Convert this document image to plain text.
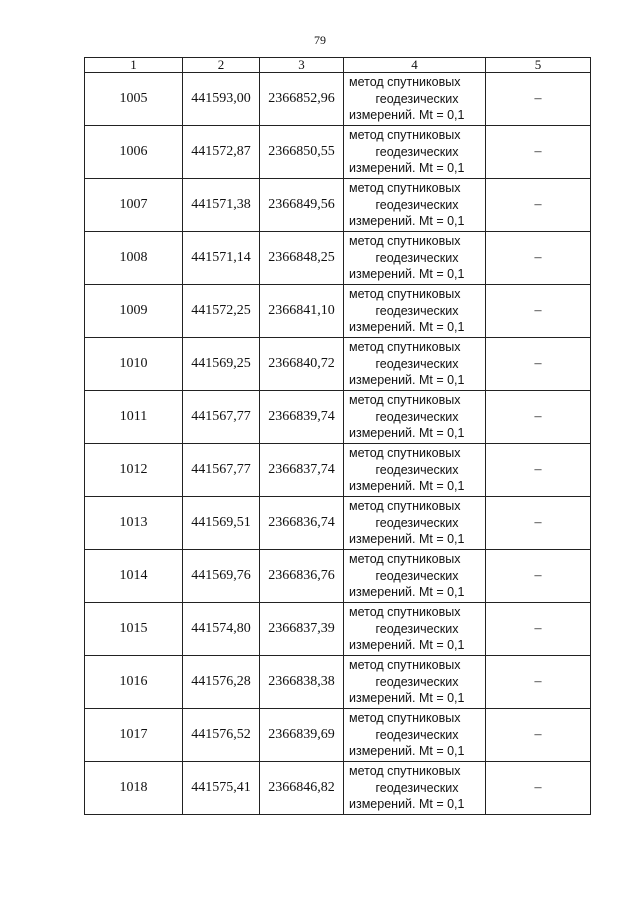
79
1	2	3	4	5
1005	441593,00	2366852,96	метод спутниковых
геодезических
измерений. Mt = 0,1	–
1006	441572,87	2366850,55	метод спутниковых
геодезических
измерений. Mt = 0,1	–
1007	441571,38	2366849,56	метод спутниковых
геодезических
измерений. Mt = 0,1	–
1008	441571,14	2366848,25	метод спутниковых
геодезических
измерений. Mt = 0,1	–
1009	441572,25	2366841,10	метод спутниковых
геодезических
измерений. Mt = 0,1	–
1010	441569,25	2366840,72	метод спутниковых
геодезических
измерений. Mt = 0,1	–
1011	441567,77	2366839,74	метод спутниковых
геодезических
измерений. Mt = 0,1	–
1012	441567,77	2366837,74	метод спутниковых
геодезических
измерений. Mt = 0,1	–
1013	441569,51	2366836,74	метод спутниковых
геодезических
измерений. Mt = 0,1	–
1014	441569,76	2366836,76	метод спутниковых
геодезических
измерений. Mt = 0,1	–
1015	441574,80	2366837,39	метод спутниковых
геодезических
измерений. Mt = 0,1	–
1016	441576,28	2366838,38	метод спутниковых
геодезических
измерений. Mt = 0,1	–
1017	441576,52	2366839,69	метод спутниковых
геодезических
измерений. Mt = 0,1	–
1018	441575,41	2366846,82	метод спутниковых
геодезических
измерений. Mt = 0,1	–
